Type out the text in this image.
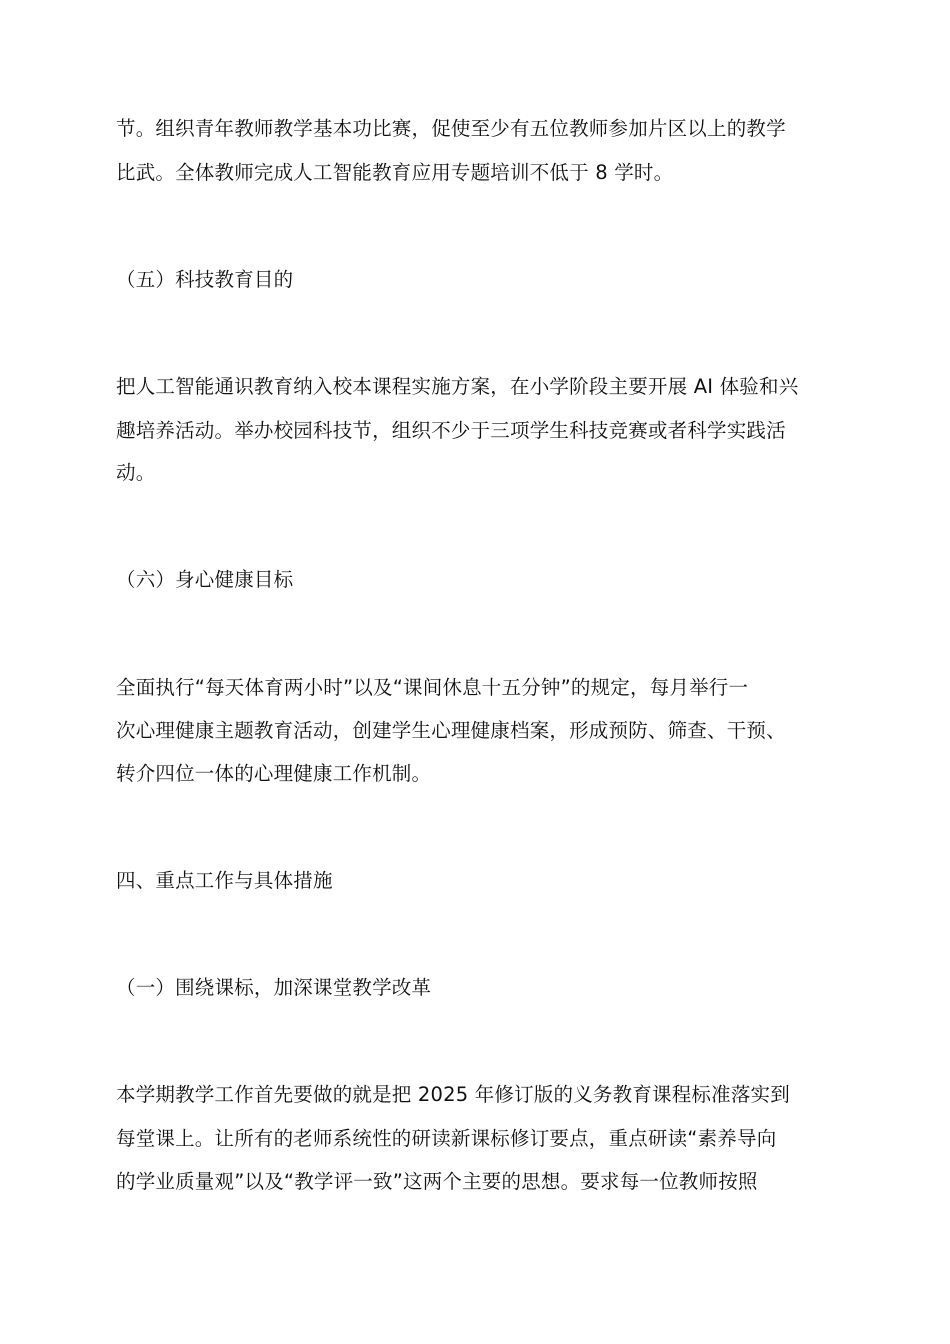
节。组织青年教师教学基本功比赛，促使至少有五位教师参加片区以上的教学
比武。全体教师完成人工智能教育应用专题培训不低于 8 学时。
（五）科技教育目的
把人工智能通识教育纳入校本课程实施方案，在小学阶段主要开展 AI 体验和兴
趣培养活动。举办校园科技节，组织不少于三项学生科技竞赛或者科学实践活
动。
（六）身心健康目标
全面执行“每天体育两小时”以及“课间休息十五分钟”的规定，每月举行一
次心理健康主题教育活动，创建学生心理健康档案，形成预防、筛查、干预、
转介四位一体的心理健康工作机制。
四、重点工作与具体措施
（一）围绕课标，加深课堂教学改革
本学期教学工作首先要做的就是把 2025 年修订版的义务教育课程标准落实到
每堂课上。让所有的老师系统性的研读新课标修订要点，重点研读“素养导向
的学业质量观”以及“教学评一致”这两个主要的思想。要求每一位教师按照
